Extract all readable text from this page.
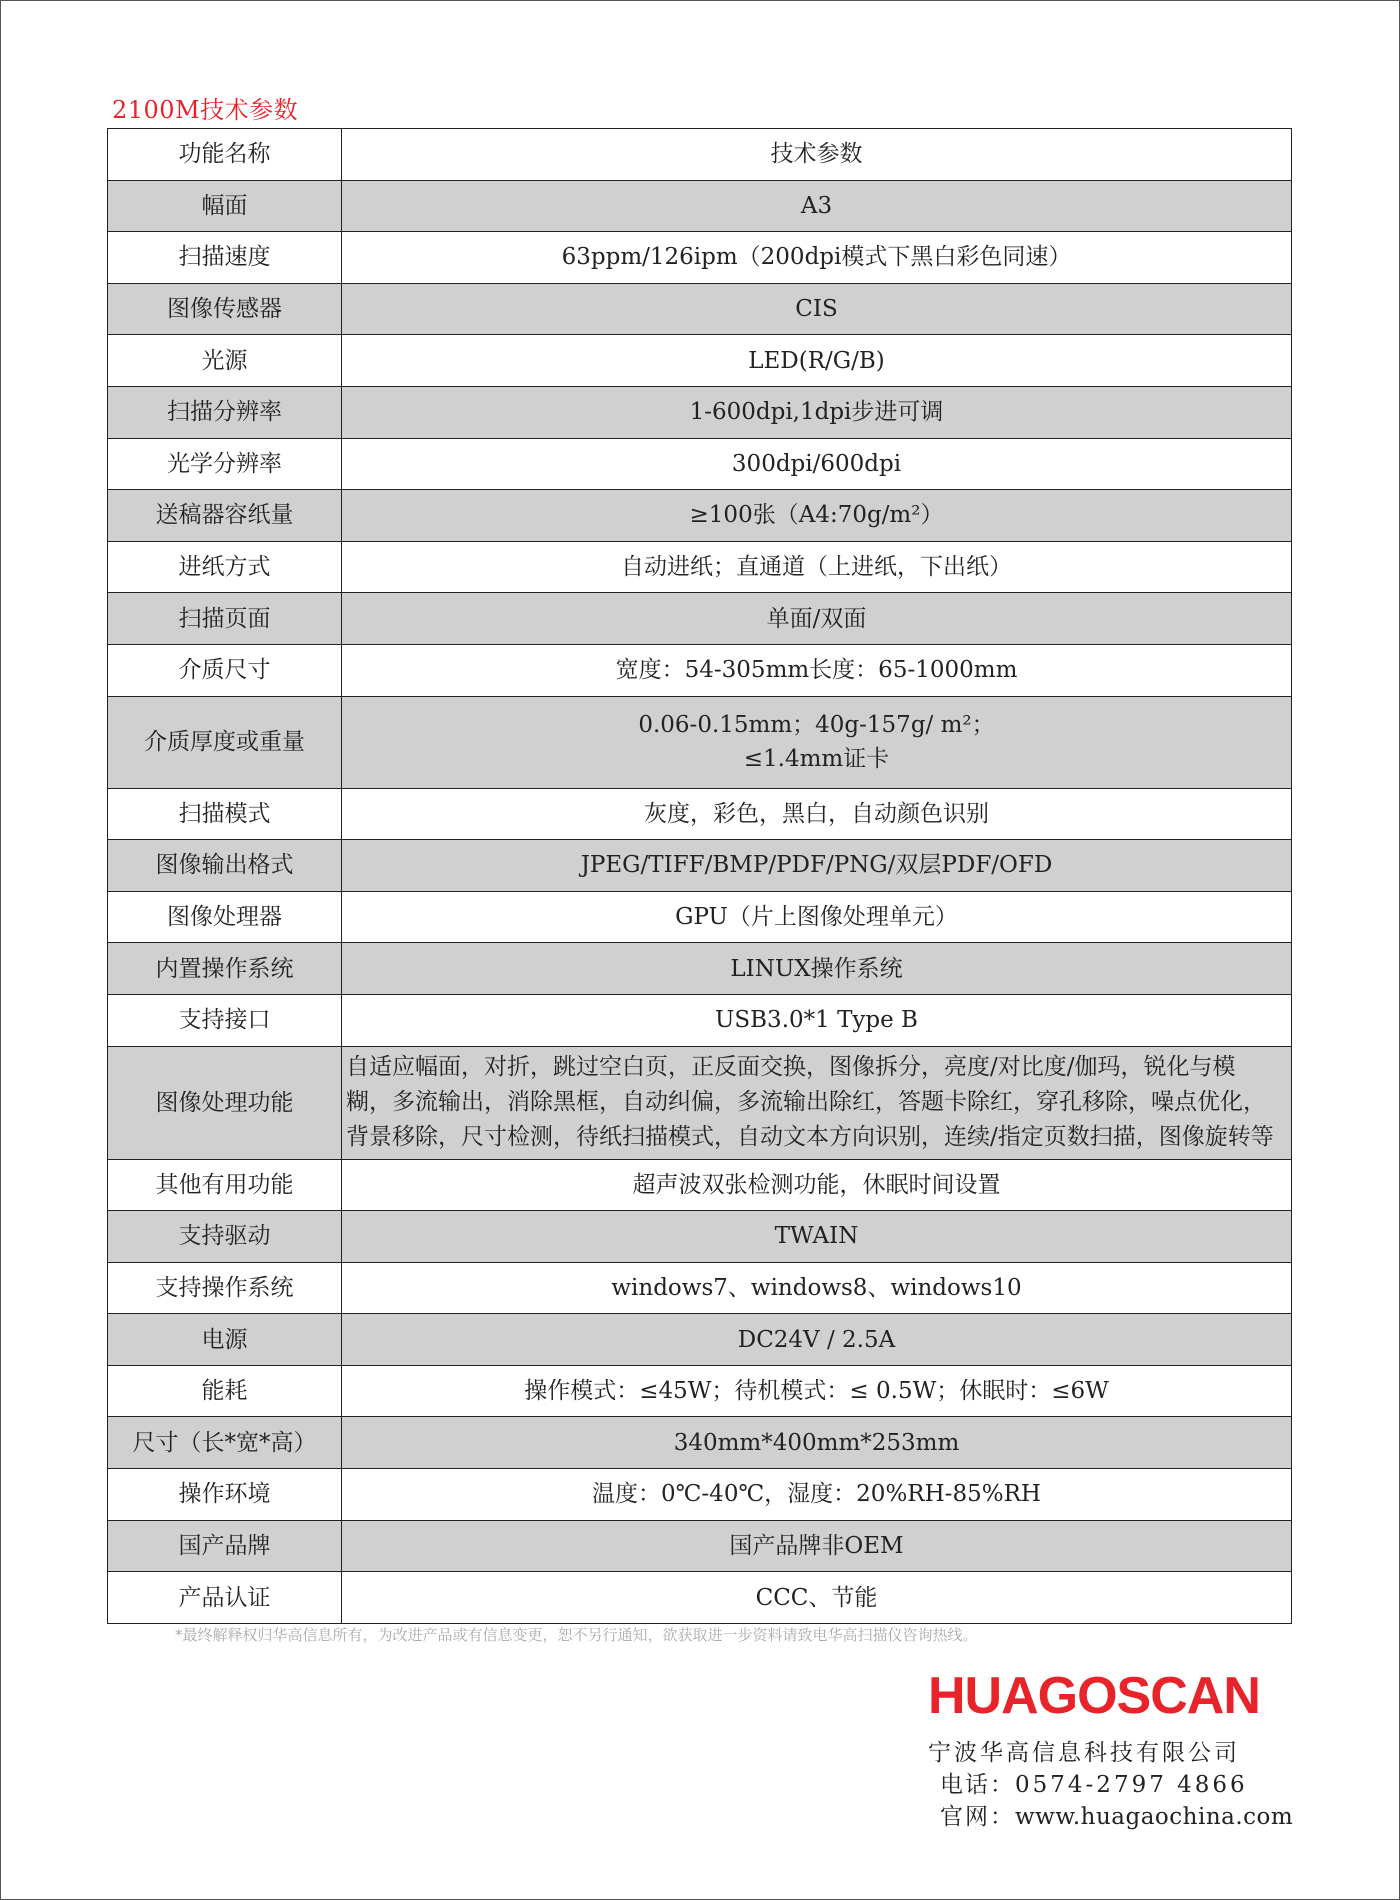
2100M技术参数
功能名称	技术参数
幅面	A3
扫描速度	63ppm/126ipm（200dpi模式下黑白彩色同速）
图像传感器	CIS
光源	LED(R/G/B)
扫描分辨率	1-600dpi,1dpi步进可调
光学分辨率	300dpi/600dpi
送稿器容纸量	≥100张（A4:70g/m²）
进纸方式	自动进纸；直通道（上进纸，下出纸）
扫描页面	单面/双面
介质尺寸	宽度：54-305mm长度：65-1000mm
介质厚度或重量	0.06-0.15mm；40g-157g/ m²；
≤1.4mm证卡

扫描模式	灰度，彩色，黑白，自动颜色识别
图像输出格式	JPEG/TIFF/BMP/PDF/PNG/双层PDF/OFD
图像处理器	GPU（片上图像处理单元）
内置操作系统	LINUX操作系统
支持接口	USB3.0*1 Type B
图像处理功能	自适应幅面，对折，跳过空白页，正反面交换，图像拆分，亮度/对比度/伽玛，锐化与模
糊，多流输出，消除黑框，自动纠偏，多流输出除红，答题卡除红，穿孔移除，噪点优化，
背景移除，尺寸检测，待纸扫描模式，自动文本方向识别，连续/指定页数扫描，图像旋转等

其他有用功能	超声波双张检测功能，休眠时间设置
支持驱动	TWAIN
支持操作系统	windows7、windows8、windows10
电源	DC24V / 2.5A
能耗	操作模式：≤45W；待机模式：≤ 0.5W；休眠时：≤6W
尺寸（长*宽*高）	340mm*400mm*253mm
操作环境	温度：0℃-40℃，湿度：20%RH-85%RH
国产品牌	国产品牌非OEM
产品认证	CCC、节能
*最终解释权归华高信息所有，为改进产品或有信息变更，恕不另行通知，欲获取进一步资料请致电华高扫描仪咨询热线。
HUAGOSCAN
宁波华高信息科技有限公司
电话：0574-2797 4866
官网：www.huagaochina.com
